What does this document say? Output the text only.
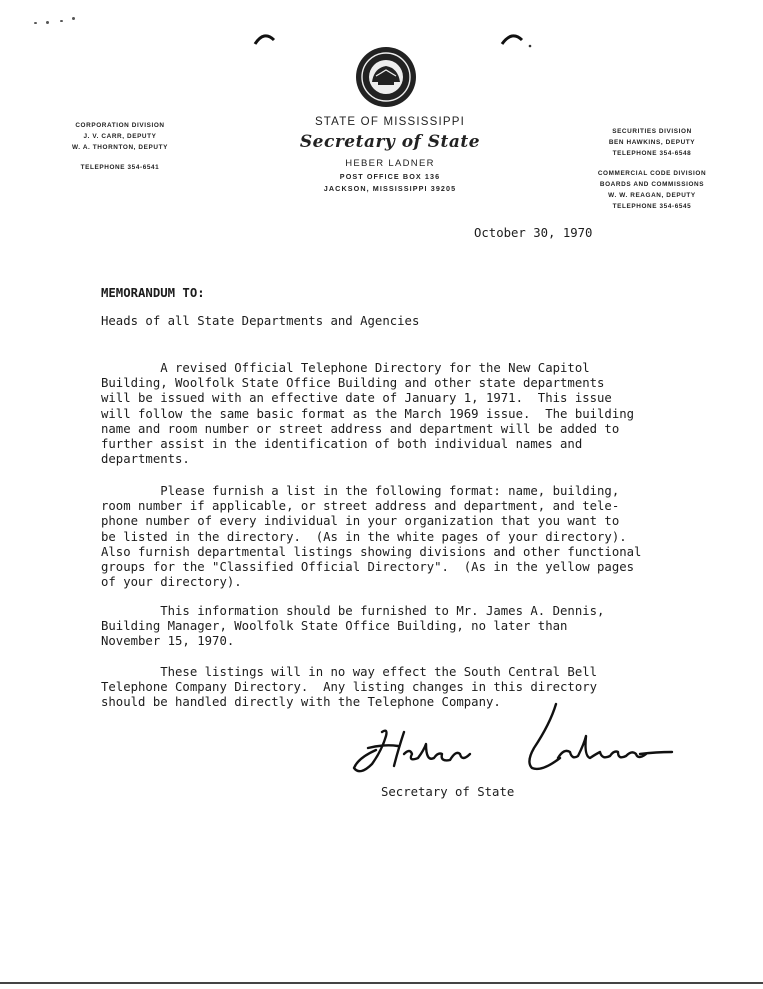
CORPORATION DIVISION
J. V. CARR, DEPUTY
W. A. THORNTON, DEPUTY
TELEPHONE 354-6541
STATE OF MISSISSIPPI
Secretary of State
HEBER LADNER
POST OFFICE BOX 136
JACKSON, MISSISSIPPI 39205
SECURITIES DIVISION
BEN HAWKINS, DEPUTY
TELEPHONE 354-6548
COMMERCIAL CODE DIVISION
BOARDS AND COMMISSIONS
W. W. REAGAN, DEPUTY
TELEPHONE 354-6545
October 30, 1970
MEMORANDUM TO:
Heads of all State Departments and Agencies
A revised Official Telephone Directory for the New Capitol
Building, Woolfolk State Office Building and other state departments
will be issued with an effective date of January 1, 1971.  This issue
will follow the same basic format as the March 1969 issue.  The building
name and room number or street address and department will be added to
further assist in the identification of both individual names and
departments.
Please furnish a list in the following format: name, building,
room number if applicable, or street address and department, and tele-
phone number of every individual in your organization that you want to
be listed in the directory.  (As in the white pages of your directory).
Also furnish departmental listings showing divisions and other functional
groups for the "Classified Official Directory".  (As in the yellow pages
of your directory).
This information should be furnished to Mr. James A. Dennis,
Building Manager, Woolfolk State Office Building, no later than
November 15, 1970.
These listings will in no way effect the South Central Bell
Telephone Company Directory.  Any listing changes in this directory
should be handled directly with the Telephone Company.
Secretary of State
